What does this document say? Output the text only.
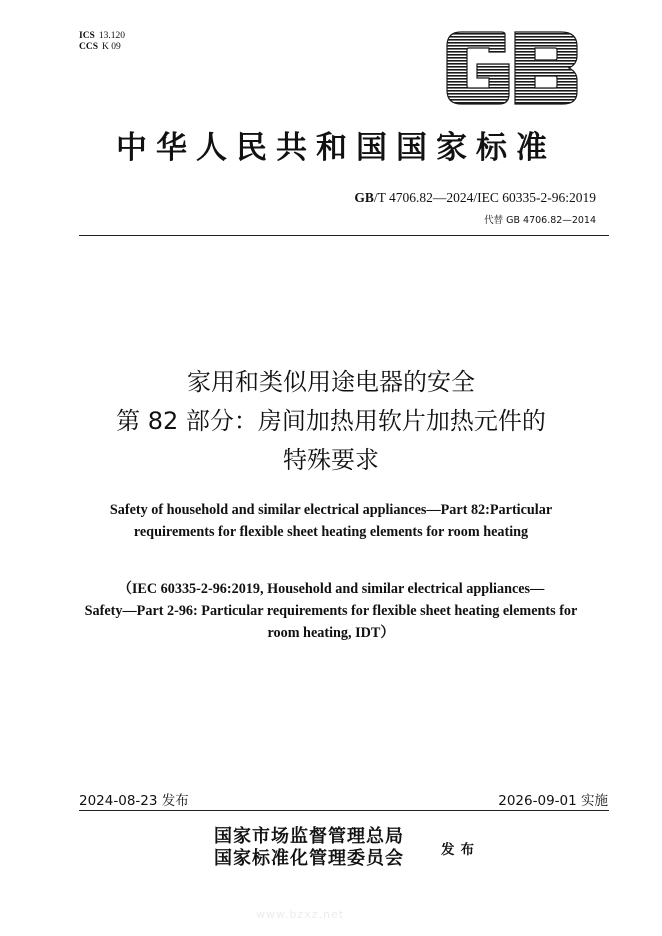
ICS 13.120
CCS K 09
GB
中华人民共和国国家标准
GB/T 4706.82—2024/IEC 60335-2-96:2019
代替 GB 4706.82—2014
家用和类似用途电器的安全
第 82 部分：房间加热用软片加热元件的
特殊要求
Safety of household and similar electrical appliances—Part 82:Particular
requirements for flexible sheet heating elements for room heating
（IEC 60335-2-96:2019, Household and similar electrical appliances—
Safety—Part 2-96: Particular requirements for flexible sheet heating elements for
room heating, IDT）
2024-08-23 发布	2026-09-01 实施
国家市场监督管理总局
国家标准化管理委员会	发布
www.bzxz.net
